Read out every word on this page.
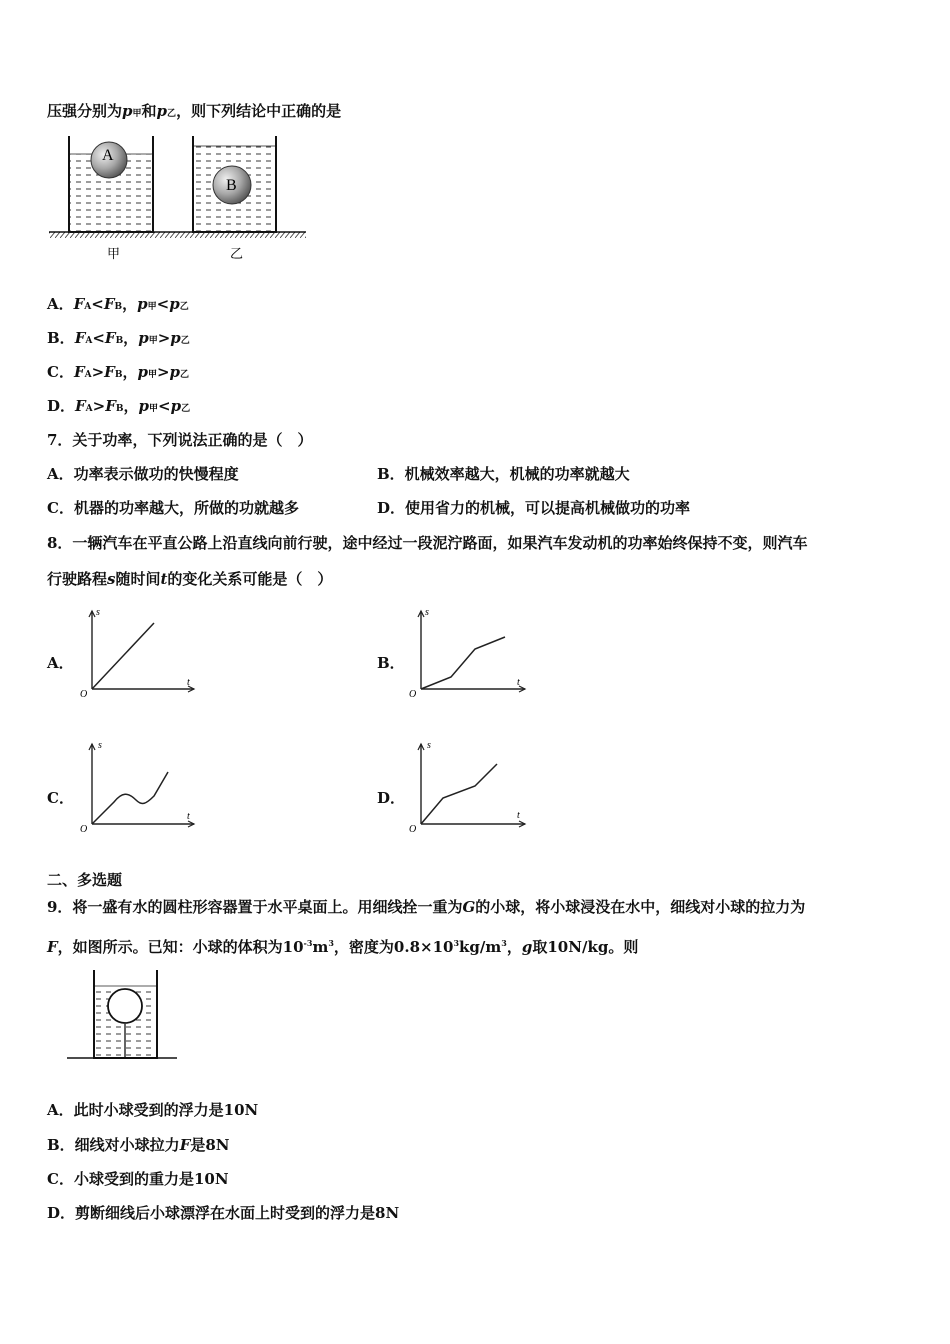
压强分别为p甲和p乙，则下列结论中正确的是
A
B
甲	乙
A．FA<FB，p甲<p乙
B．FA<FB，p甲>p乙
C．FA>FB，p甲>p乙
D．FA>FB，p甲<p乙
7．关于功率，下列说法正确的是（　）
A．功率表示做功的快慢程度	B．机械效率越大，机械的功率就越大
C．机器的功率越大，所做的功就越多	D．使用省力的机械，可以提高机械做功的功率
8．一辆汽车在平直公路上沿直线向前行驶，途中经过一段泥泞路面，如果汽车发动机的功率始终保持不变，则汽车
行驶路程s随时间t的变化关系可能是（　）
A．	B．
C．	D．
s
t
O
s
t
O
s
t
O
s
t
O
二、多选题
9．将一盛有水的圆柱形容器置于水平桌面上。用细线拴一重为G的小球，将小球浸没在水中，细线对小球的拉力为
F，如图所示。已知：小球的体积为$10^{-3}m^3$，密度为$0.8\times 10^3kg/m^3$，g取10N/kg。则
A．此时小球受到的浮力是10N
B．细线对小球拉力F是8N
C．小球受到的重力是10N
D．剪断细线后小球漂浮在水面上时受到的浮力是8N
